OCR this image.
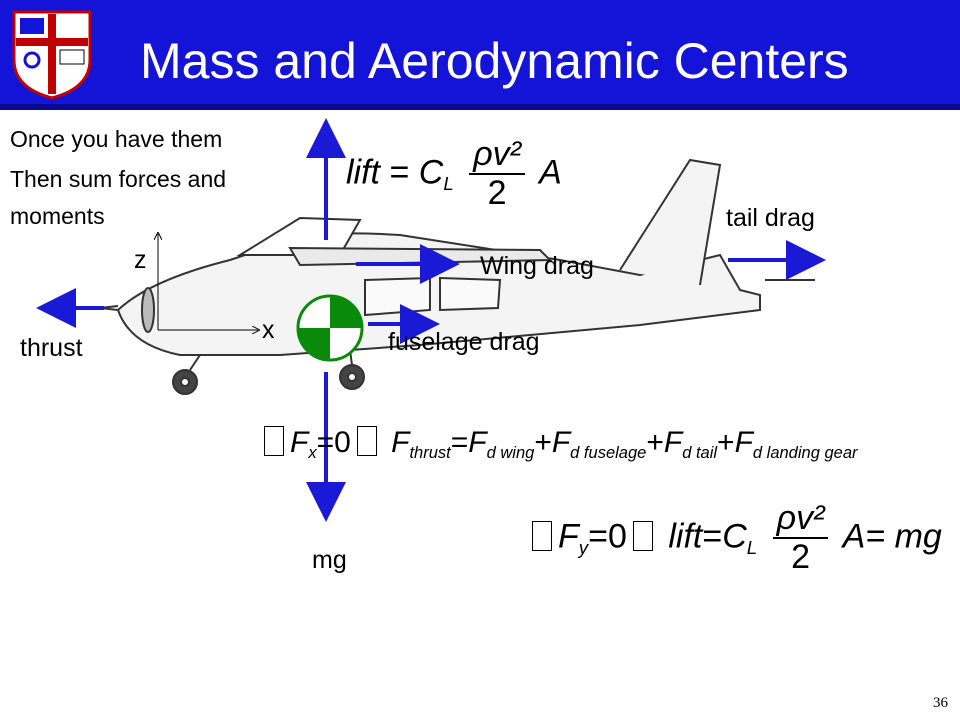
Mass and Aerodynamic Centers
Once you have them
Then sum forces and
moments	tail drag
Wing drag
fuselage drag
thrust
mg
z
x
lift = $C_L \frac{\text{ρv²}}{2}$ A
$F_x=0$ $F_{thrust}=F_{d wing}+F_{d fuselage}+F_{d tail}+F_{d landing gear}$
$F_y=0$ $lift=C_L \frac{\text{ρv²}}{2} A=$ mg
36
